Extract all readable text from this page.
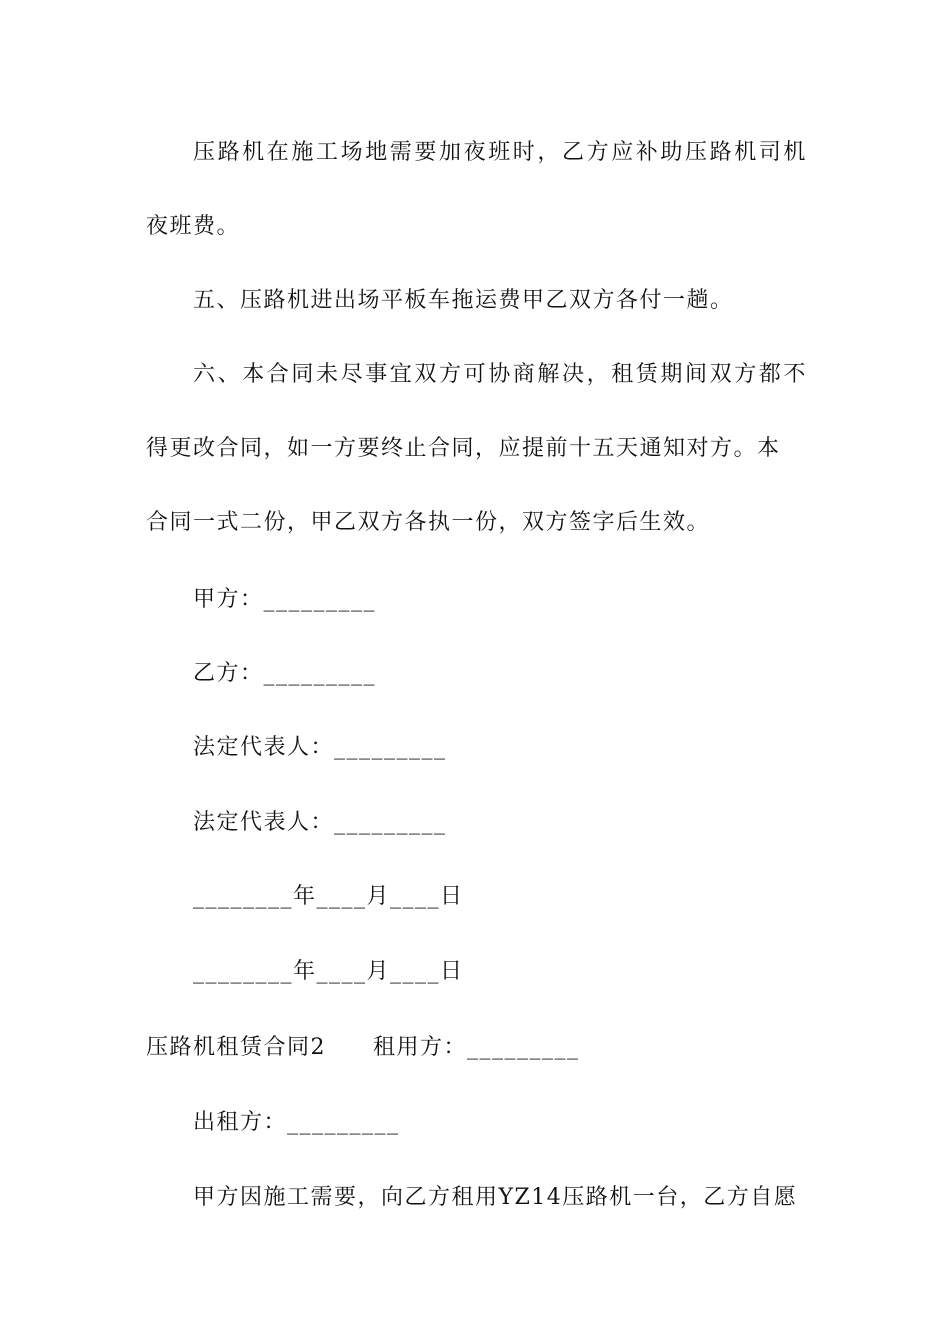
压路机在施工场地需要加夜班时，乙方应补助压路机司机
夜班费。
五、压路机进出场平板车拖运费甲乙双方各付一趟。
六、本合同未尽事宜双方可协商解决，租赁期间双方都不
得更改合同，如一方要终止合同，应提前十五天通知对方。本
合同一式二份，甲乙双方各执一份，双方签字后生效。
甲方：_________
乙方：_________
法定代表人：_________
法定代表人：_________
________年____月____日
________年____月____日
压路机租赁合同2　　租用方：_________
出租方：_________
甲方因施工需要，向乙方租用YZ14压路机一台，乙方自愿
